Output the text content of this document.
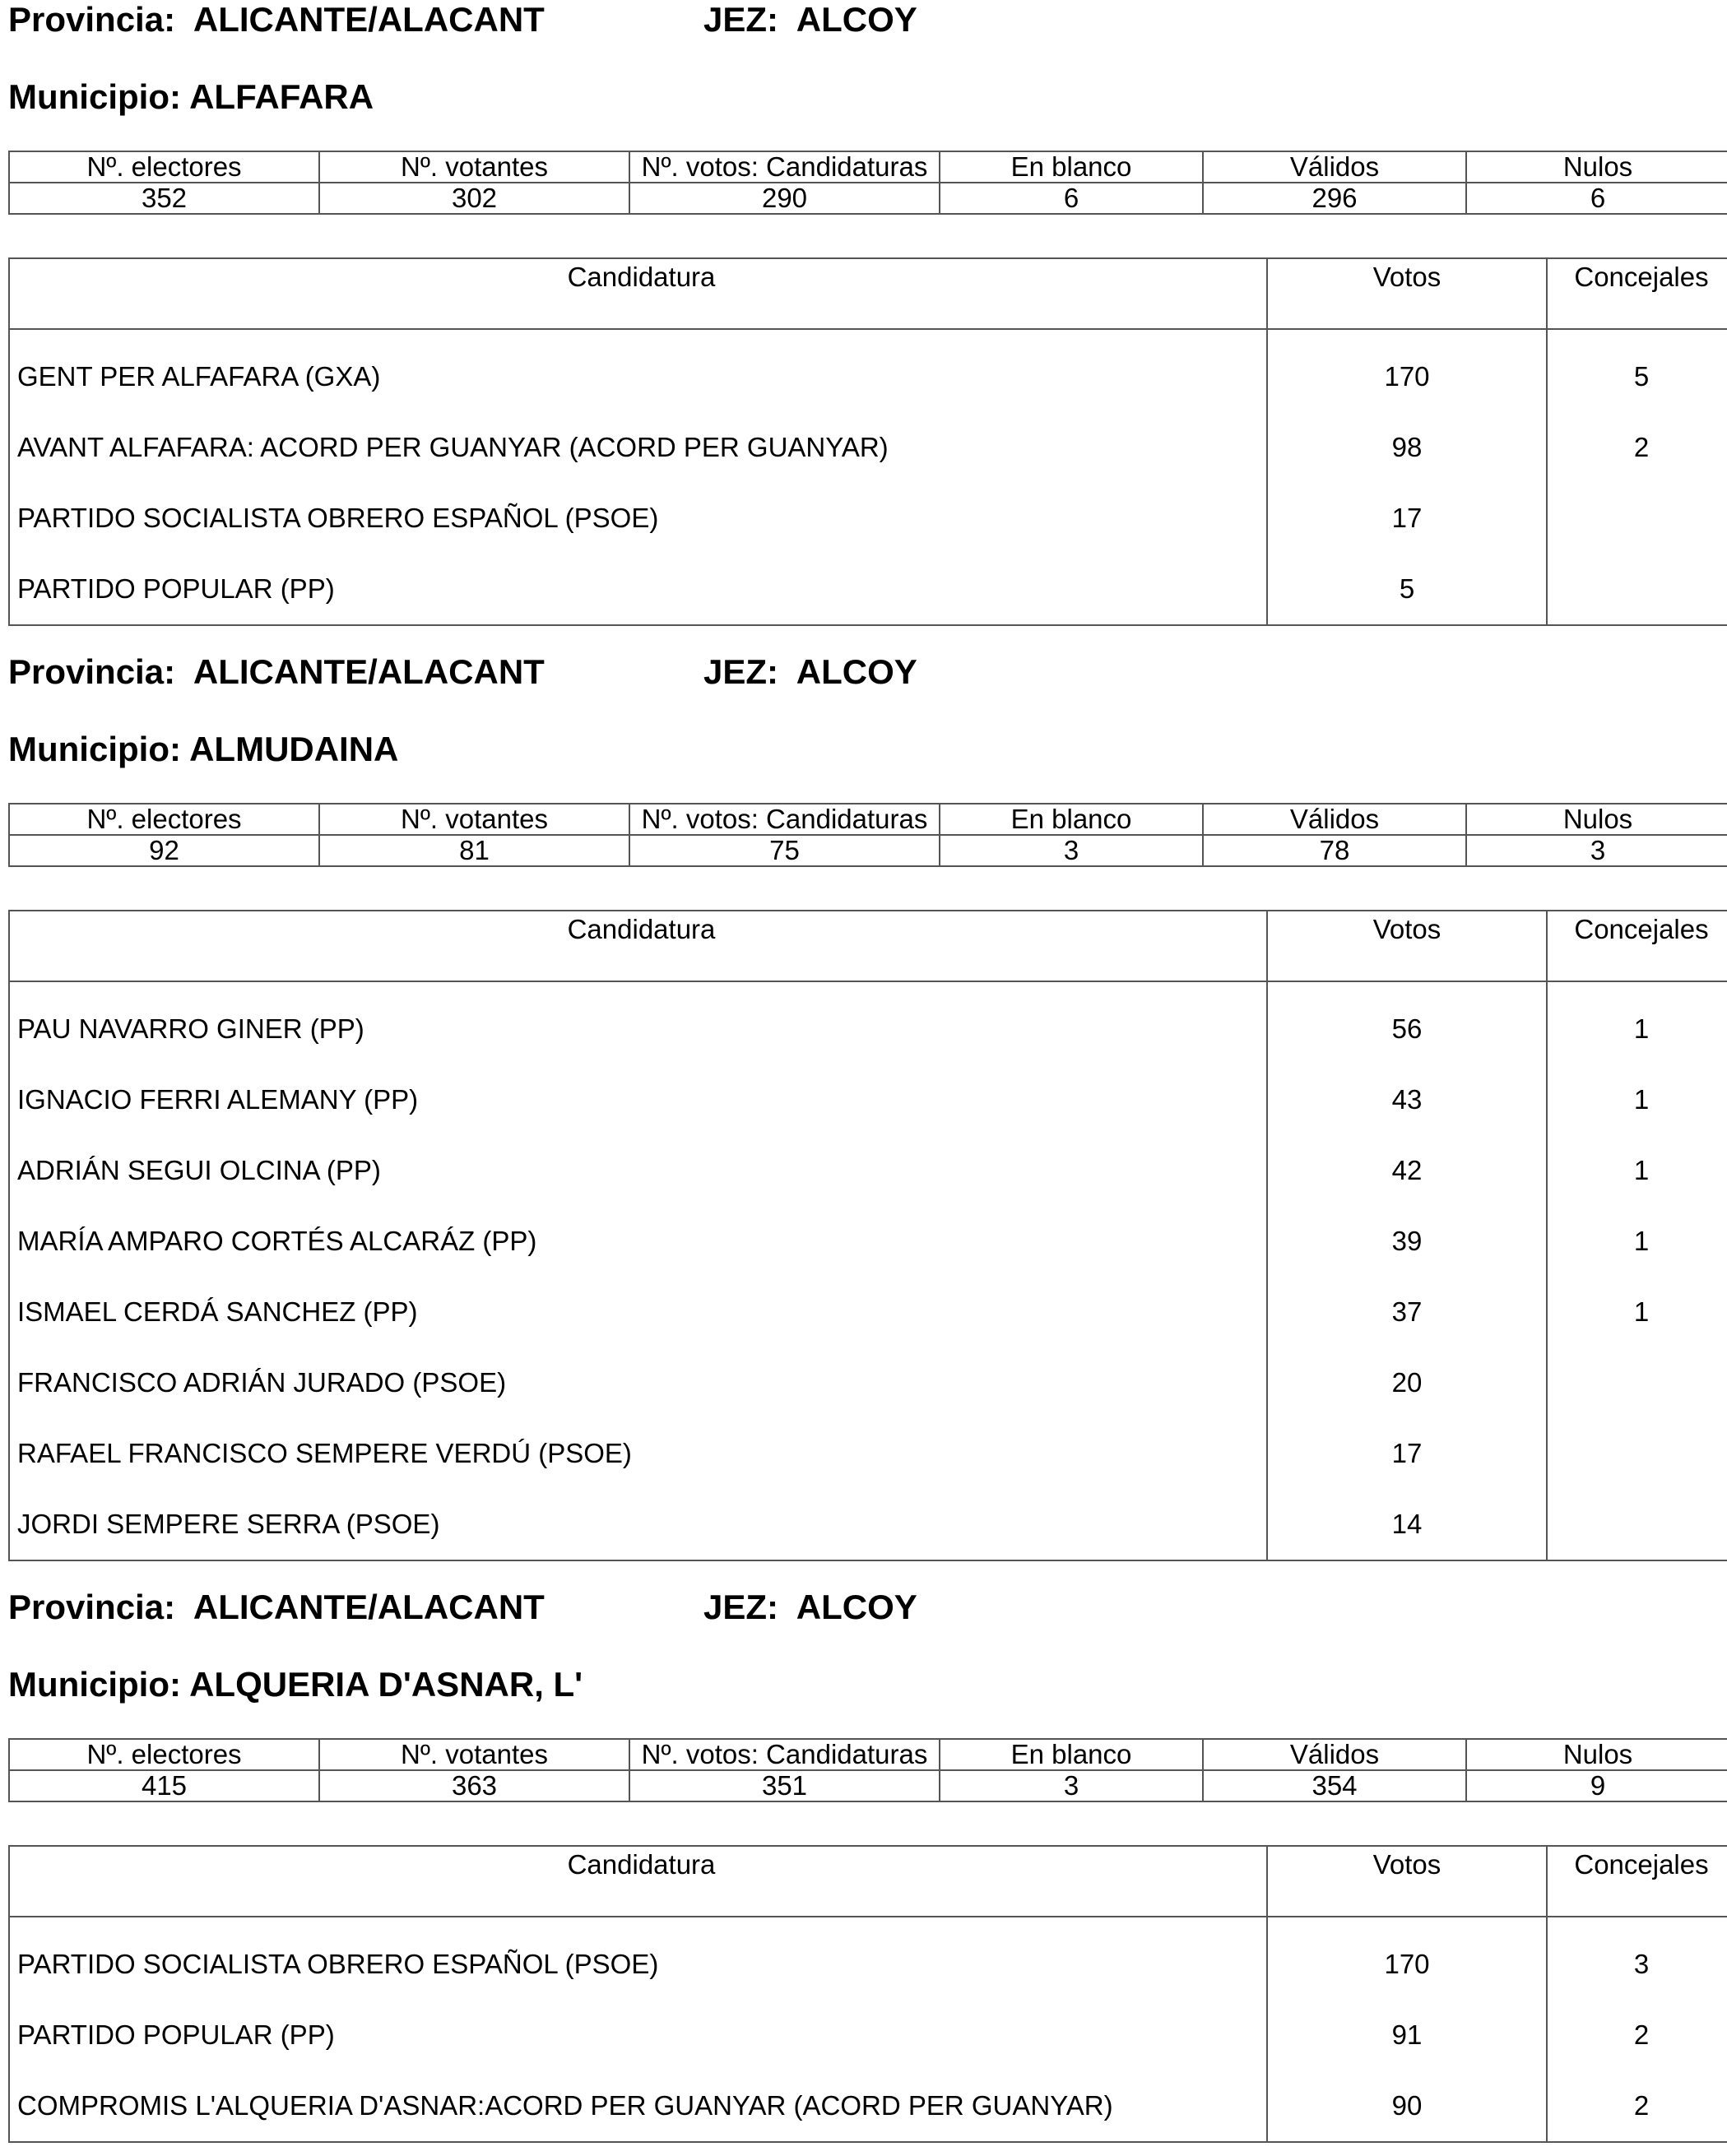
Provincia: ALICANTE/ALACANT	JEZ: ALCOY
Municipio: ALFAFARA
Nº. electores	Nº. votantes	Nº. votos: Candidaturas	En blanco	Válidos	Nulos
352	302	290	6	296	6
Candidatura	Votos	Concejales
GENT PER ALFAFARA (GXA)	170	5
AVANT ALFAFARA: ACORD PER GUANYAR (ACORD PER GUANYAR)	98	2
PARTIDO SOCIALISTA OBRERO ESPAÑOL (PSOE)	17	
PARTIDO POPULAR (PP)	5	
Provincia: ALICANTE/ALACANT	JEZ: ALCOY
Municipio: ALMUDAINA
Nº. electores	Nº. votantes	Nº. votos: Candidaturas	En blanco	Válidos	Nulos
92	81	75	3	78	3
Candidatura	Votos	Concejales
PAU NAVARRO GINER (PP)	56	1
IGNACIO FERRI ALEMANY (PP)	43	1
ADRIÁN SEGUI OLCINA (PP)	42	1
MARÍA AMPARO CORTÉS ALCARÁZ (PP)	39	1
ISMAEL CERDÁ SANCHEZ (PP)	37	1
FRANCISCO ADRIÁN JURADO (PSOE)	20	
RAFAEL FRANCISCO SEMPERE VERDÚ (PSOE)	17	
JORDI SEMPERE SERRA (PSOE)	14	
Provincia: ALICANTE/ALACANT	JEZ: ALCOY
Municipio: ALQUERIA D'ASNAR, L'
Nº. electores	Nº. votantes	Nº. votos: Candidaturas	En blanco	Válidos	Nulos
415	363	351	3	354	9
Candidatura	Votos	Concejales
PARTIDO SOCIALISTA OBRERO ESPAÑOL (PSOE)	170	3
PARTIDO POPULAR (PP)	91	2
COMPROMIS L'ALQUERIA D'ASNAR:ACORD PER GUANYAR (ACORD PER GUANYAR)	90	2
